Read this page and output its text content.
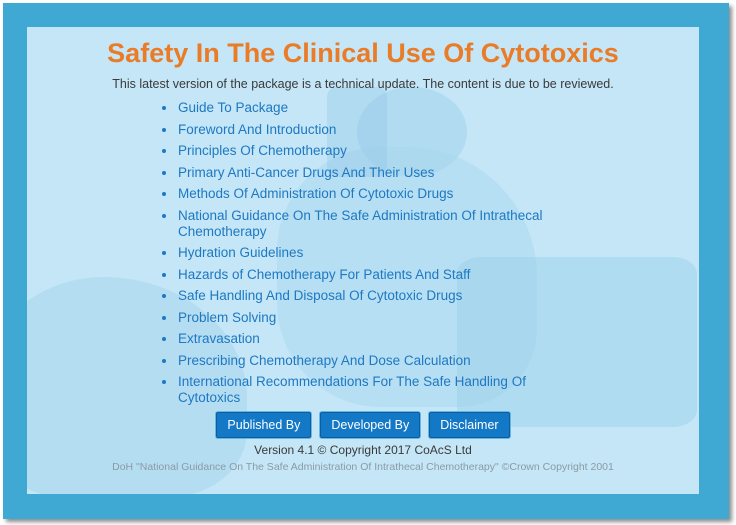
Safety In The Clinical Use Of Cytotoxics
This latest version of the package is a technical update. The content is due to be reviewed.
Guide To Package
Foreword And Introduction
Principles Of Chemotherapy
Primary Anti-Cancer Drugs And Their Uses
Methods Of Administration Of Cytotoxic Drugs
National Guidance On The Safe Administration Of Intrathecal Chemotherapy
Hydration Guidelines
Hazards of Chemotherapy For Patients And Staff
Safe Handling And Disposal Of Cytotoxic Drugs
Problem Solving
Extravasation
Prescribing Chemotherapy And Dose Calculation
International Recommendations For The Safe Handling Of Cytotoxics
Published By Developed By Disclaimer
Version 4.1 © Copyright 2017 CoAcS Ltd
DoH "National Guidance On The Safe Administration Of Intrathecal Chemotherapy" ©Crown Copyright 2001
